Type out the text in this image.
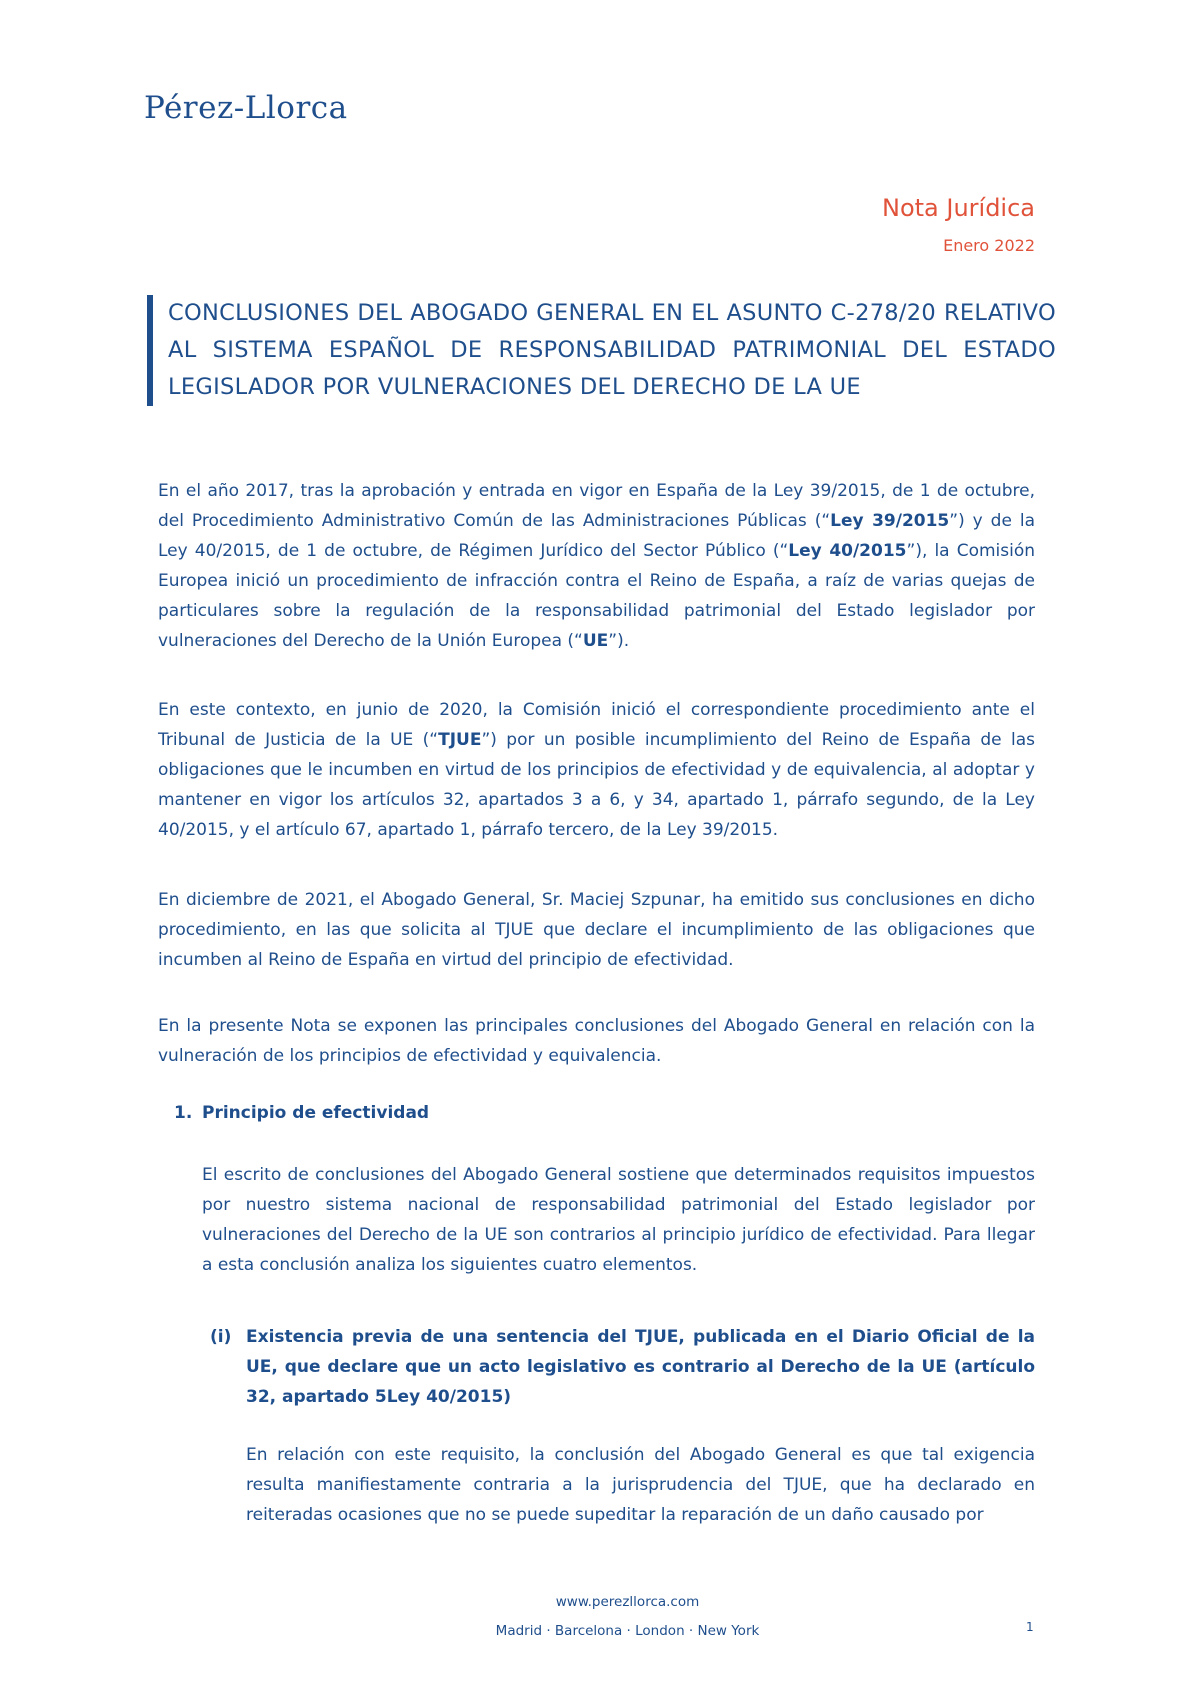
Pérez-Llorca
Nota Jurídica
Enero 2022
CONCLUSIONES DEL ABOGADO GENERAL EN EL ASUNTO C-278/20 RELATIVO AL SISTEMA ESPAÑOL DE RESPONSABILIDAD PATRIMONIAL DEL ESTADO LEGISLADOR POR VULNERACIONES DEL DERECHO DE LA UE

En el año 2017, tras la aprobación y entrada en vigor en España de la Ley 39/2015, de 1 de octubre, del Procedimiento Administrativo Común de las Administraciones Públicas (“Ley 39/2015”) y de la Ley 40/2015, de 1 de octubre, de Régimen Jurídico del Sector Público (“Ley 40/2015”), la Comisión Europea inició un procedimiento de infracción contra el Reino de España, a raíz de varias quejas de particulares sobre la regulación de la responsabilidad patrimonial del Estado legislador por vulneraciones del Derecho de la Unión Europea (“UE”).

En este contexto, en junio de 2020, la Comisión inició el correspondiente procedimiento ante el Tribunal de Justicia de la UE (“TJUE”) por un posible incumplimiento del Reino de España de las obligaciones que le incumben en virtud de los principios de efectividad y de equivalencia, al adoptar y mantener en vigor los artículos 32, apartados 3 a 6, y 34, apartado 1, párrafo segundo, de la Ley 40/2015, y el artículo 67, apartado 1, párrafo tercero, de la Ley 39/2015.

En diciembre de 2021, el Abogado General, Sr. Maciej Szpunar, ha emitido sus conclusiones en dicho procedimiento, en las que solicita al TJUE que declare el incumplimiento de las obligaciones que incumben al Reino de España en virtud del principio de efectividad.

En la presente Nota se exponen las principales conclusiones del Abogado General en relación con la vulneración de los principios de efectividad y equivalencia.

1. Principio de efectividad

El escrito de conclusiones del Abogado General sostiene que determinados requisitos impuestos por nuestro sistema nacional de responsabilidad patrimonial del Estado legislador por vulneraciones del Derecho de la UE son contrarios al principio jurídico de efectividad. Para llegar a esta conclusión analiza los siguientes cuatro elementos.

(i) Existencia previa de una sentencia del TJUE, publicada en el Diario Oficial de la UE, que declare que un acto legislativo es contrario al Derecho de la UE (artículo 32, apartado 5Ley 40/2015)

En relación con este requisito, la conclusión del Abogado General es que tal exigencia resulta manifiestamente contraria a la jurisprudencia del TJUE, que ha declarado en reiteradas ocasiones que no se puede supeditar la reparación de un daño causado por

www.perezllorca.com
Madrid · Barcelona · London · New York	1
